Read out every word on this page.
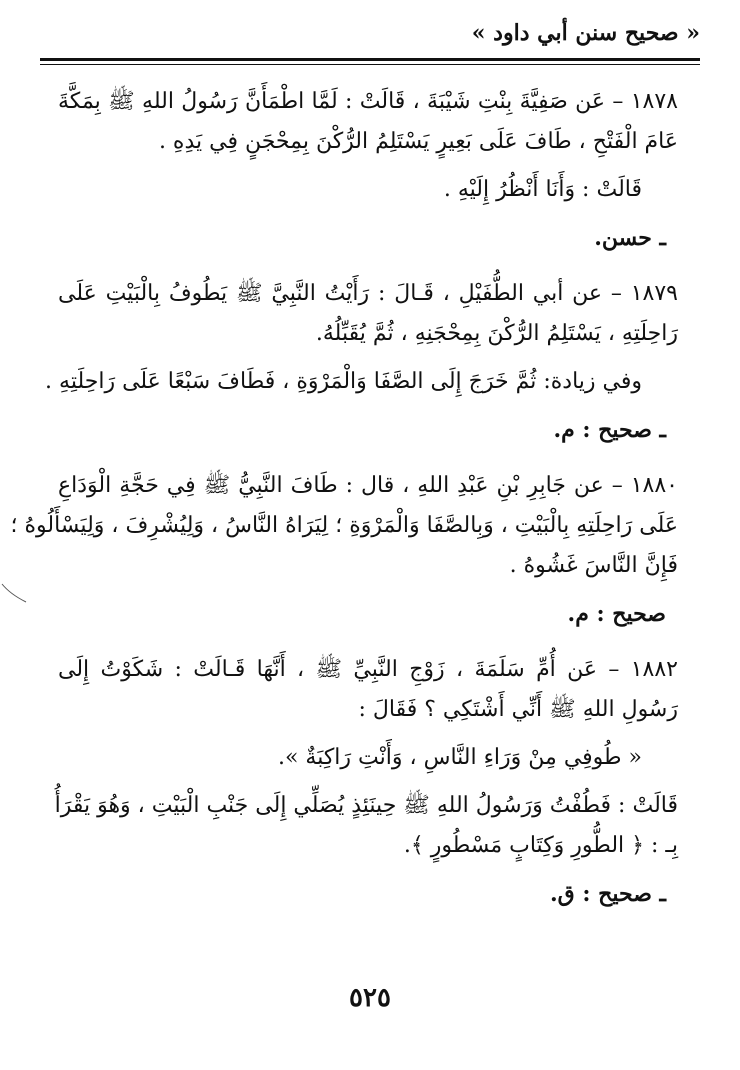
« صحيح سنن أبي داود »

١٨٧٨ – عَن صَفِيَّةَ بِنْتِ شَيْبَةَ ، قَالَتْ : لَمَّا اطْمَأَنَّ رَسُولُ اللهِ ﷺ بِمَكَّةَ

عَامَ الْفَتْحِ ، طَافَ عَلَى بَعِيرٍ يَسْتَلِمُ الرُّكْنَ بِمِحْجَنٍ فِي يَدِهِ .

قَالَتْ : وَأَنَا أَنْظُرُ إِلَيْهِ .

ـ حسن.

١٨٧٩ – عن أبي الطُّفَيْلِ ، قَـالَ : رَأَيْتُ النَّبِيَّ ﷺ يَطُوفُ بِالْبَيْتِ عَلَى

رَاحِلَتِهِ ، يَسْتَلِمُ الرُّكْنَ بِمِحْجَنِهِ ، ثُمَّ يُقَبِّلُهُ.

وفي زيادة: ثُمَّ خَرَجَ إِلَى الصَّفَا وَالْمَرْوَةِ ، فَطَافَ سَبْعًا عَلَى رَاحِلَتِهِ .

ـ صحيح : م.

١٨٨٠ – عن جَابِرِ بْنِ عَبْدِ اللهِ ، قال : طَافَ النَّبِيُّ ﷺ فِي حَجَّةِ الْوَدَاعِ

عَلَى رَاحِلَتِهِ بِالْبَيْتِ ، وَبِالصَّفَا وَالْمَرْوَةِ ؛ لِيَرَاهُ النَّاسُ ، وَلِيُشْرِفَ ، وَلِيَسْأَلُوهُ ؛

فَإِنَّ النَّاسَ غَشُوهُ .

صحيح : م.

١٨٨٢ – عَن أُمِّ سَلَمَةَ ، زَوْجِ النَّبِيِّ ﷺ ، أَنَّهَا قَـالَتْ : شَكَوْتُ إِلَى

رَسُولِ اللهِ ﷺ أَنِّي أَشْتَكِي ؟ فَقَالَ :

« طُوفِي مِنْ وَرَاءِ النَّاسِ ، وَأَنْتِ رَاكِبَةٌ ».

قَالَتْ : فَطُفْتُ وَرَسُولُ اللهِ ﷺ حِينَئِذٍ يُصَلِّي إِلَى جَنْبِ الْبَيْتِ ، وَهُوَ يَقْرَأُ

بِـ : ﴿ الطُّورِ وَكِتَابٍ مَسْطُورٍ ﴾.

ـ صحيح : ق.

٥٢٥
